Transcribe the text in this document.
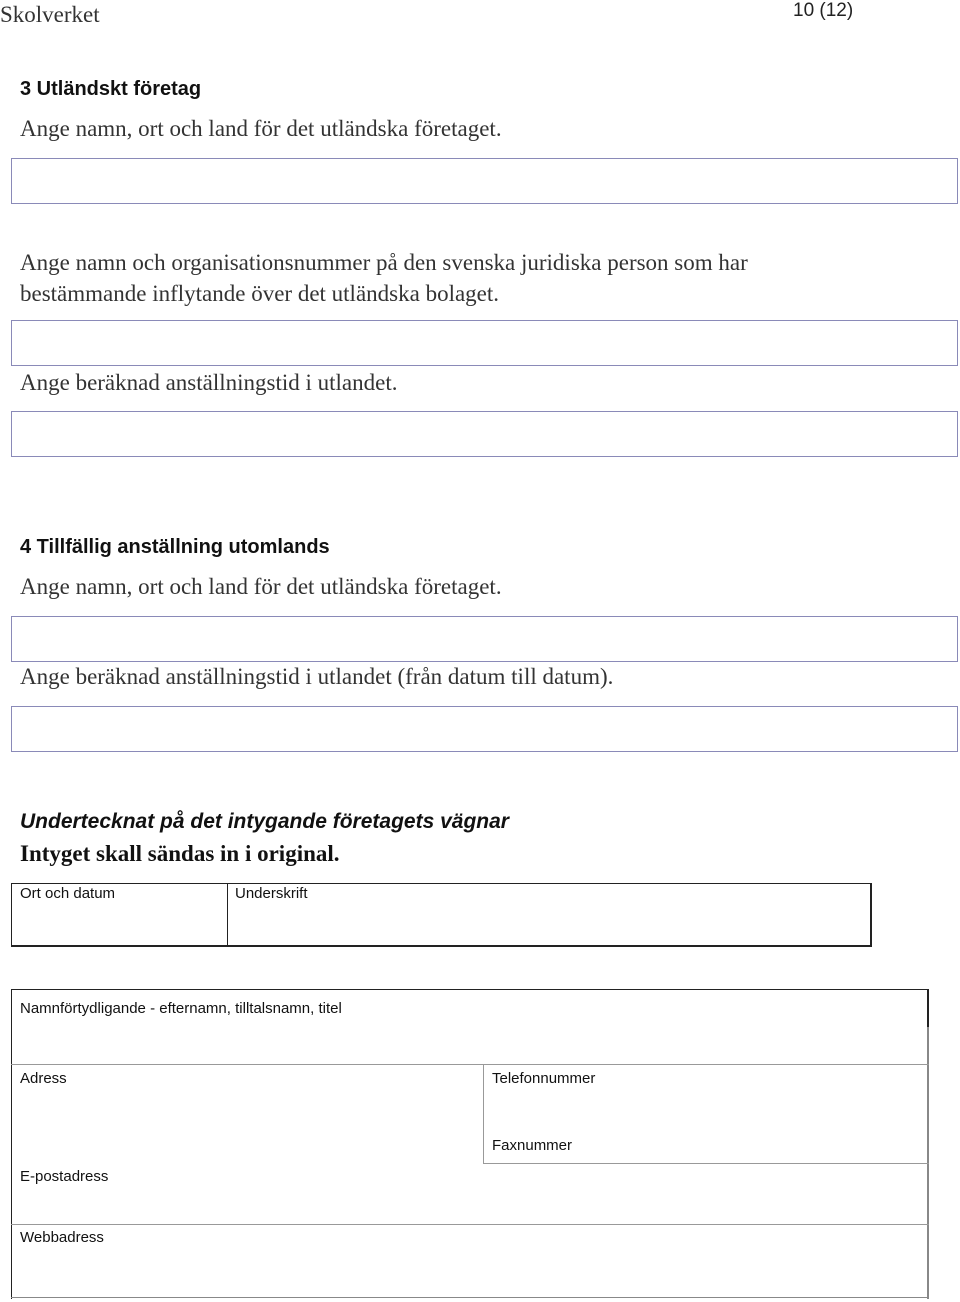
Skolverket	10 (12)
3 Utländskt företag
Ange namn, ort och land för det utländska företaget.
Ange namn och organisationsnummer på den svenska juridiska person som har
bestämmande inflytande över det utländska bolaget.
Ange beräknad anställningstid i utlandet.
4 Tillfällig anställning utomlands
Ange namn, ort och land för det utländska företaget.
Ange beräknad anställningstid i utlandet (från datum till datum).
Undertecknat på det intygande företagets vägnar
Intyget skall sändas in i original.
Ort och datum	Underskrift
Namnförtydligande - efternamn, tilltalsnamn, titel
Adress
E-postadress
Telefonnummer
Faxnummer
Webbadress
